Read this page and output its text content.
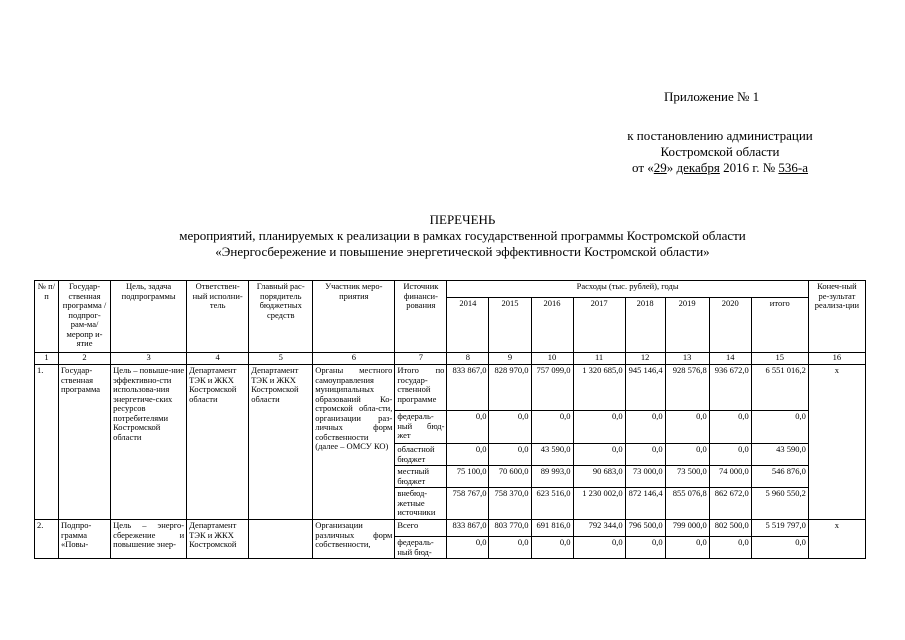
Приложение № 1
к постановлению администрации
Костромской области
от «29» декабря 2016 г. № 536-а
ПЕРЕЧЕНЬ
мероприятий, планируемых к реализации в рамках государственной программы Костромской области
«Энергосбережение и повышение энергетической эффективности Костромской области»
№ п/п	Государ-ственная программа /подпрог-рам-ма/меропр и-ятие	Цель, задача подпрограммы	Ответствен-ный исполни-тель	Главный рас-порядитель бюджетных средств	Участник меро-приятия	Источник финанси-рования	Расходы (тыс. рублей), годы								Конеч-ный ре-зультат реализа-ции
							2014	2015	2016	2017	2018	2019	2020	итого	
1	2	3	4	5	6	7	8	9	10	11	12	13	14	15	16
1.	Государ-ственная программа	Цель – повыше-ние эффективно-сти использова-ния энергетиче-ских ресурсов потребителями Костромской области	Департамент ТЭК и ЖКХ Костромской области	Департамент ТЭК и ЖКХ Костромской области	Органы местного самоуправления муниципальных образований Ко-стромской обла-сти, организации раз-личных форм собственности (далее – ОМСУ КО)	Итого по государ-ственной программе	833 867,0	828 970,0	757 099,0	1 320 685,0	945 146,4	928 576,8	936 672,0	6 551 016,2	х
						федераль-ный бюд-жет	0,0	0,0	0,0	0,0	0,0	0,0	0,0	0,0	
						областной бюджет	0,0	0,0	43 590,0	0,0	0,0	0,0	0,0	43 590,0	
						местный бюджет	75 100,0	70 600,0	89 993,0	90 683,0	73 000,0	73 500,0	74 000,0	546 876,0	
						внебюд-жетные источники	758 767,0	758 370,0	623 516,0	1 230 002,0	872 146,4	855 076,8	862 672,0	5 960 550,2	
2.	Подпро-грамма «Повы-	Цель – энерго-сбережение и повышение энер-	Департамент ТЭК и ЖКХ Костромской		Организации различных форм собственности,	Всего	833 867,0	803 770,0	691 816,0	792 344,0	796 500,0	799 000,0	802 500,0	5 519 797,0	х
						федераль-ный бюд-	0,0	0,0	0,0	0,0	0,0	0,0	0,0	0,0	
